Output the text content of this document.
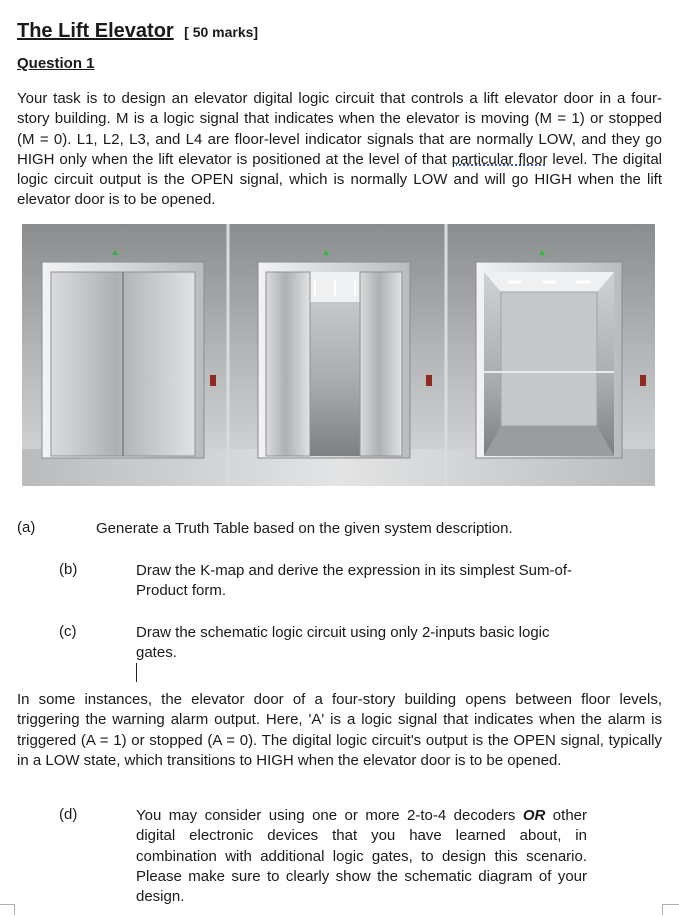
The Lift Elevator [ 50 marks]
Question 1

Your task is to design an elevator digital logic circuit that controls a lift elevator door in a four-story building. M is a logic signal that indicates when the elevator is moving (M = 1) or stopped (M = 0). L1, L2, L3, and L4 are floor-level indicator signals that are normally LOW, and they go HIGH only when the lift elevator is positioned at the level of that particular floor level. The digital logic circuit output is the OPEN signal, which is normally LOW and will go HIGH when the lift elevator door is to be opened.

(a)	Generate a Truth Table based on the given system description.

(b)	Draw the K-map and derive the expression in its simplest Sum-of-Product form.

(c)	Draw the schematic logic circuit using only 2-inputs basic logic gates.

In some instances, the elevator door of a four-story building opens between floor levels, triggering the warning alarm output. Here, 'A' is a logic signal that indicates when the alarm is triggered (A = 1) or stopped (A = 0). The digital logic circuit's output is the OPEN signal, typically in a LOW state, which transitions to HIGH when the elevator door is to be opened.

(d)	You may consider using one or more 2-to-4 decoders OR other digital electronic devices that you have learned about, in combination with additional logic gates, to design this scenario. Please make sure to clearly show the schematic diagram of your design.
